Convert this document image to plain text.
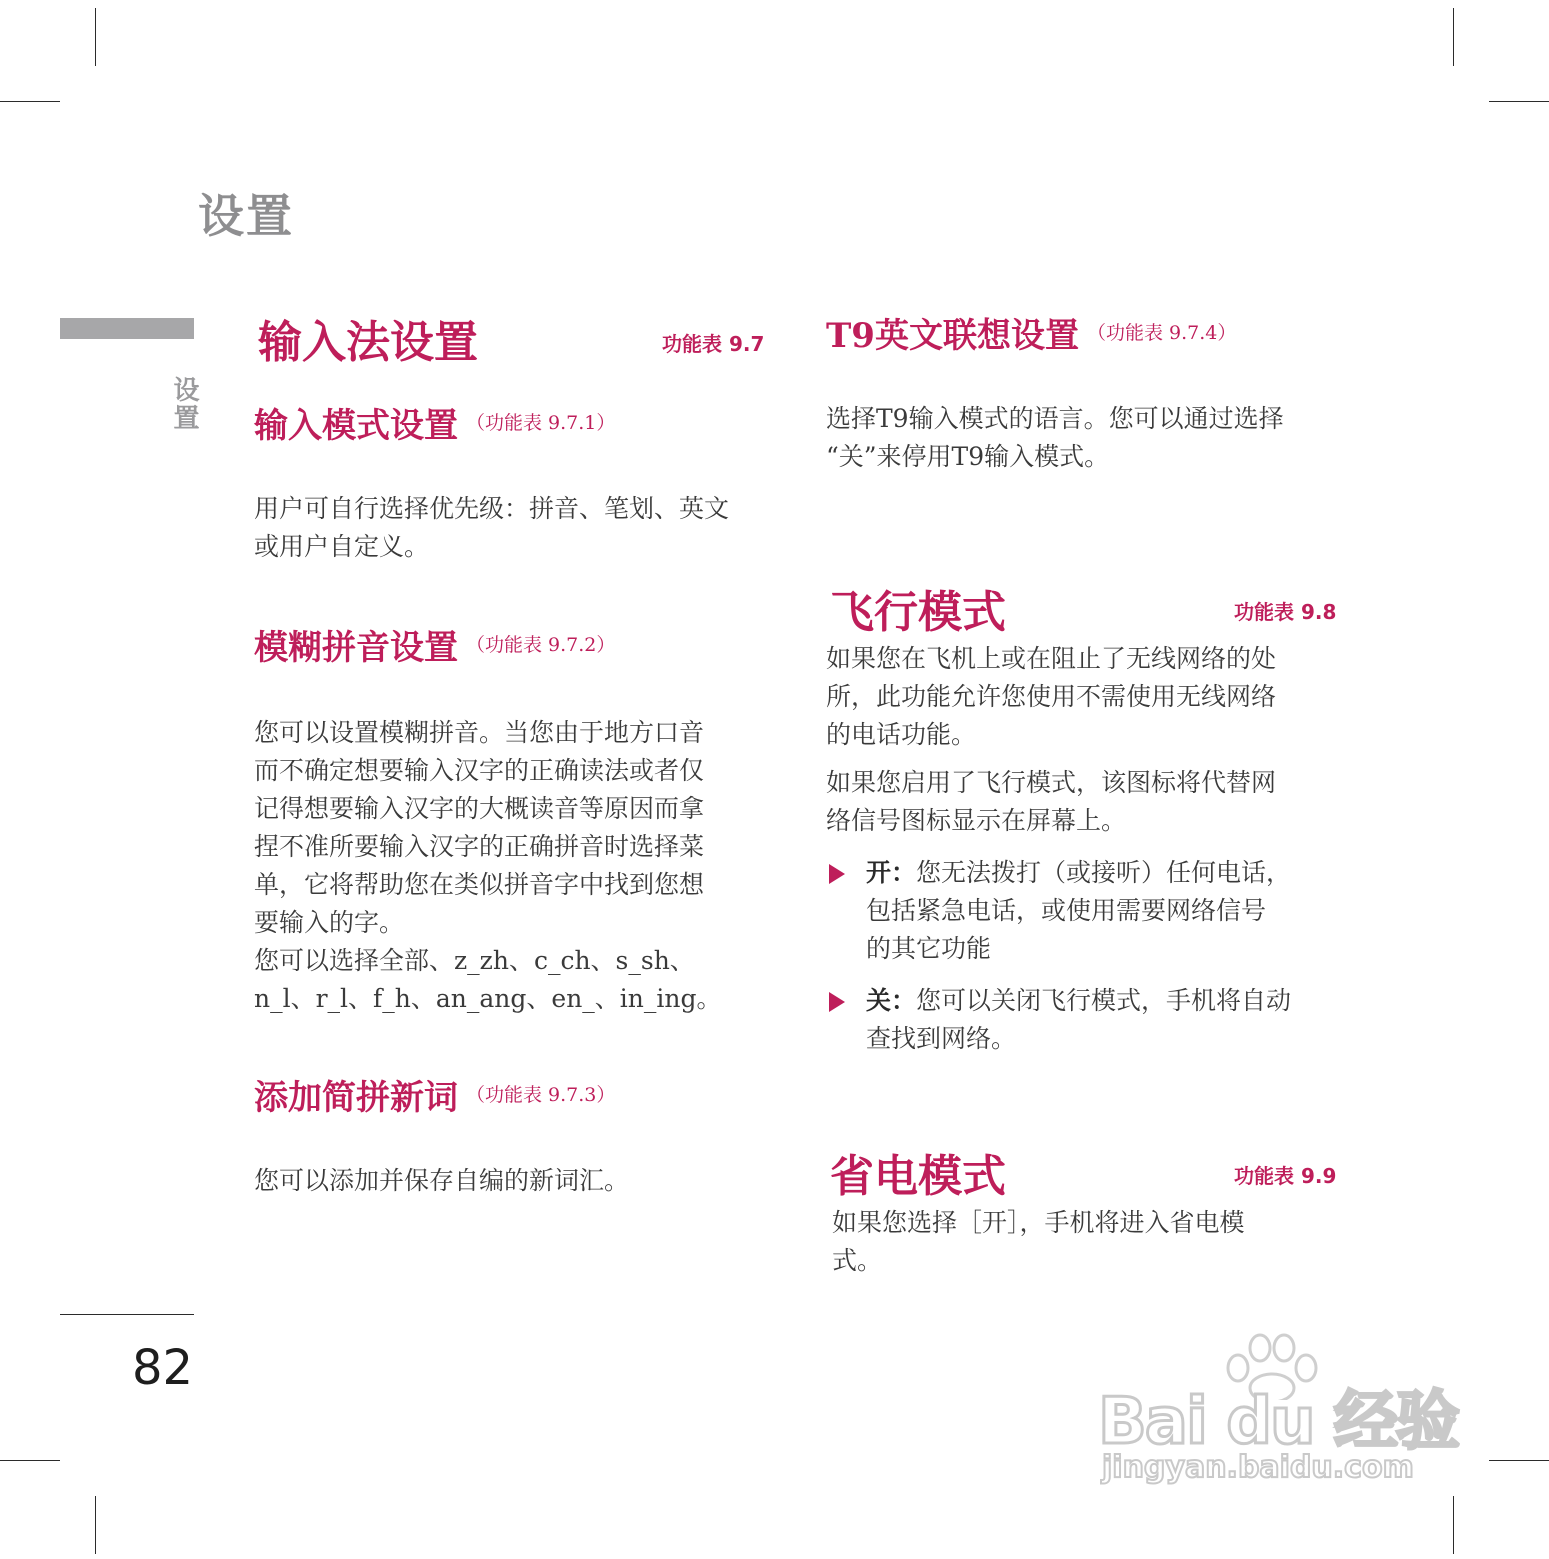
设置
设置
82
输入法设置	功能表 9.7
输入模式设置 $^{(功能表 9.7.1)}$
用户可自行选择优先级：拼音、笔划、英文
或用户自定义。
模糊拼音设置 $^{(功能表 9.7.2)}$
您可以设置模糊拼音。当您由于地方口音
而不确定想要输入汉字的正确读法或者仅
记得想要输入汉字的大概读音等原因而拿
捏不准所要输入汉字的正确拼音时选择菜
单，它将帮助您在类似拼音字中找到您想
要输入的字。
您可以选择全部、z_zh、c_ch、s_sh、
n_l、r_l、f_h、an_ang、en_、in_ing。
添加简拼新词 $^{(功能表 9.7.3)}$
您可以添加并保存自编的新词汇。
T9英文联想设置 $^{(功能表 9.7.4)}$
选择T9输入模式的语言。您可以通过选择
“关”来停用T9输入模式。
飞行模式	功能表 9.8
如果您在飞机上或在阻止了无线网络的处
所，此功能允许您使用不需使用无线网络
的电话功能。
如果您启用了飞行模式，该图标将代替网
络信号图标显示在屏幕上。
开：您无法拨打（或接听）任何电话，
包括紧急电话，或使用需要网络信号
的其它功能
关：您可以关闭飞行模式，手机将自动
查找到网络。
省电模式	功能表 9.9
如果您选择［开］，手机将进入省电模
式。
Bai du 经验
jingyan.baidu.com
